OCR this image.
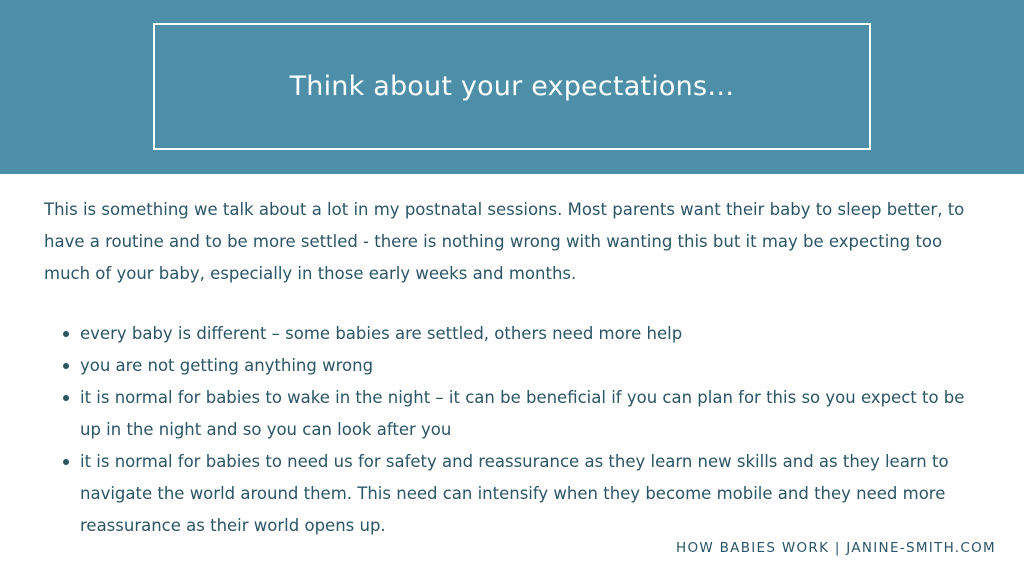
Think about your expectations…

This is something we talk about a lot in my postnatal sessions. Most parents want their baby to sleep better, to have a routine and to be more settled - there is nothing wrong with wanting this but it may be expecting too much of your baby, especially in those early weeks and months.

every baby is different – some babies are settled, others need more help
you are not getting anything wrong
it is normal for babies to wake in the night – it can be beneficial if you can plan for this so you expect to be up in the night and so you can look after you
it is normal for babies to need us for safety and reassurance as they learn new skills and as they learn to navigate the world around them. This need can intensify when they become mobile and they need more reassurance as their world opens up.

HOW BABIES WORK | JANINE-SMITH.COM
